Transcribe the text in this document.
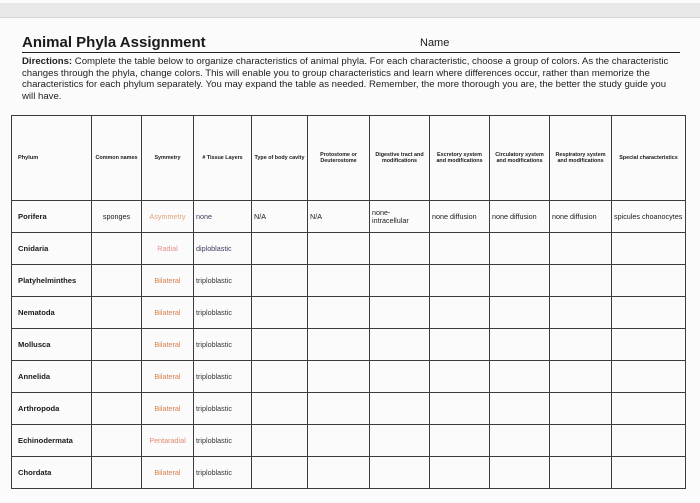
Animal Phyla Assignment	Name
Directions: Complete the table below to organize characteristics of animal phyla. For each characteristic, choose a group of colors. As the characteristic changes through the phyla, change colors. This will enable you to group characteristics and learn where differences occur, rather than memorize the characteristics for each phylum separately. You may expand the table as needed. Remember, the more thorough you are, the better the study guide you will have.
Phylum	Common names	Symmetry	# Tissue Layers	Type of body cavity	Protostome or Deuterostome	Digestive tract and modifications	Excretory system and modifications	Circulatory system and modifications	Respiratory system and modifications	Special characteristics
Porifera	sponges	Asymmetry	none	N/A	N/A	none-intracellular	none diffusion	none diffusion	none diffusion	spicules choanocytes
Cnidaria		Radial	diploblastic							
Platyhelminthes		Bilateral	triploblastic							
Nematoda		Bilateral	triploblastic							
Mollusca		Bilateral	triploblastic							
Annelida		Bilateral	triploblastic							
Arthropoda		Bilateral	triploblastic							
Echinodermata		Pentaradial	triploblastic							
Chordata		Bilateral	triploblastic							
